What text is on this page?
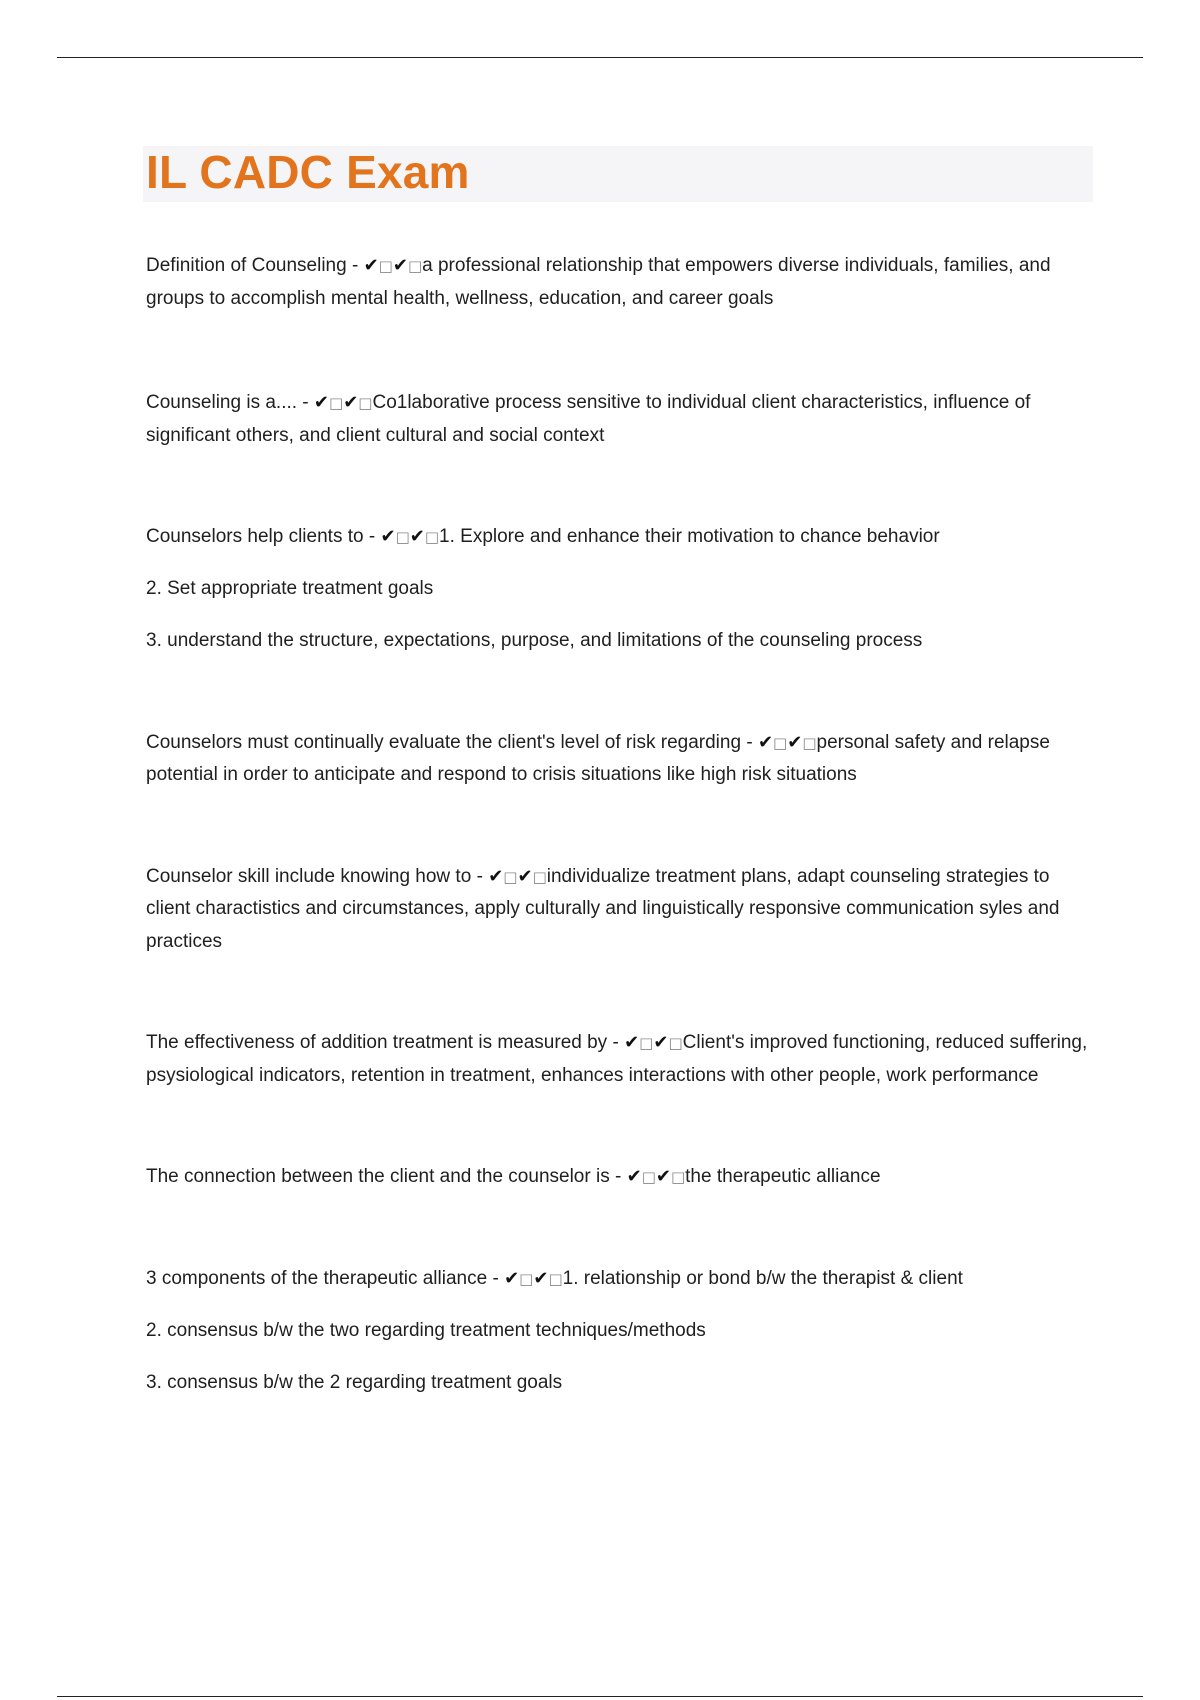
IL CADC Exam

Definition of Counseling - ✔□✔□a professional relationship that empowers diverse individuals, families, and groups to accomplish mental health, wellness, education, and career goals

Counseling is a.... - ✔□✔□Co1laborative process sensitive to individual client characteristics, influence of significant others, and client cultural and social context

Counselors help clients to - ✔□✔□1. Explore and enhance their motivation to chance behavior

2. Set appropriate treatment goals

3. understand the structure, expectations, purpose, and limitations of the counseling process

Counselors must continually evaluate the client's level of risk regarding - ✔□✔□personal safety and relapse potential in order to anticipate and respond to crisis situations like high risk situations

Counselor skill include knowing how to - ✔□✔□individualize treatment plans, adapt counseling strategies to client charactistics and circumstances, apply culturally and linguistically responsive communication syles and practices

The effectiveness of addition treatment is measured by - ✔□✔□Client's improved functioning, reduced suffering, psysiological indicators, retention in treatment, enhances interactions with other people, work performance

The connection between the client and the counselor is - ✔□✔□the therapeutic alliance

3 components of the therapeutic alliance - ✔□✔□1. relationship or bond b/w the therapist & client

2. consensus b/w the two regarding treatment techniques/methods

3. consensus b/w the 2 regarding treatment goals
